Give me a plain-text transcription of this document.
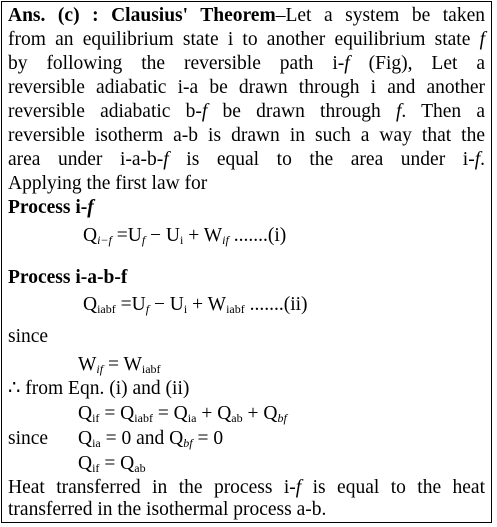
Ans. (c) : Clausius' Theorem–Let a system be taken
from an equilibrium state i to another equilibrium state f
by following the reversible path i-f (Fig), Let a
reversible adiabatic i-a be drawn through i and another
reversible adiabatic b-f be drawn through f. Then a
reversible isotherm a-b is drawn in such a way that the
area under i-a-b-f is equal to the area under i-f.
Applying the first law for
Process i-f
$Q_{i-f} =U_f - U_i + W_{if}$ .......(i)
Process i-a-b-f
$Q_{iabf} =U_f - U_i + W_{iabf}$ .......(ii)
since
$W_{if} = W_{iabf}$
∴ from Eqn. (i) and (ii)
$Q_{if} = Q_{iabf} = Q_{ia} + Q_{ab} + Q_{bf}$
since $Q_{ia} = 0$ and $Q_{bf} = 0$
$Q_{if} = Q_{ab}$
Heat transferred in the process i-f is equal to the heat
transferred in the isothermal process a-b.
